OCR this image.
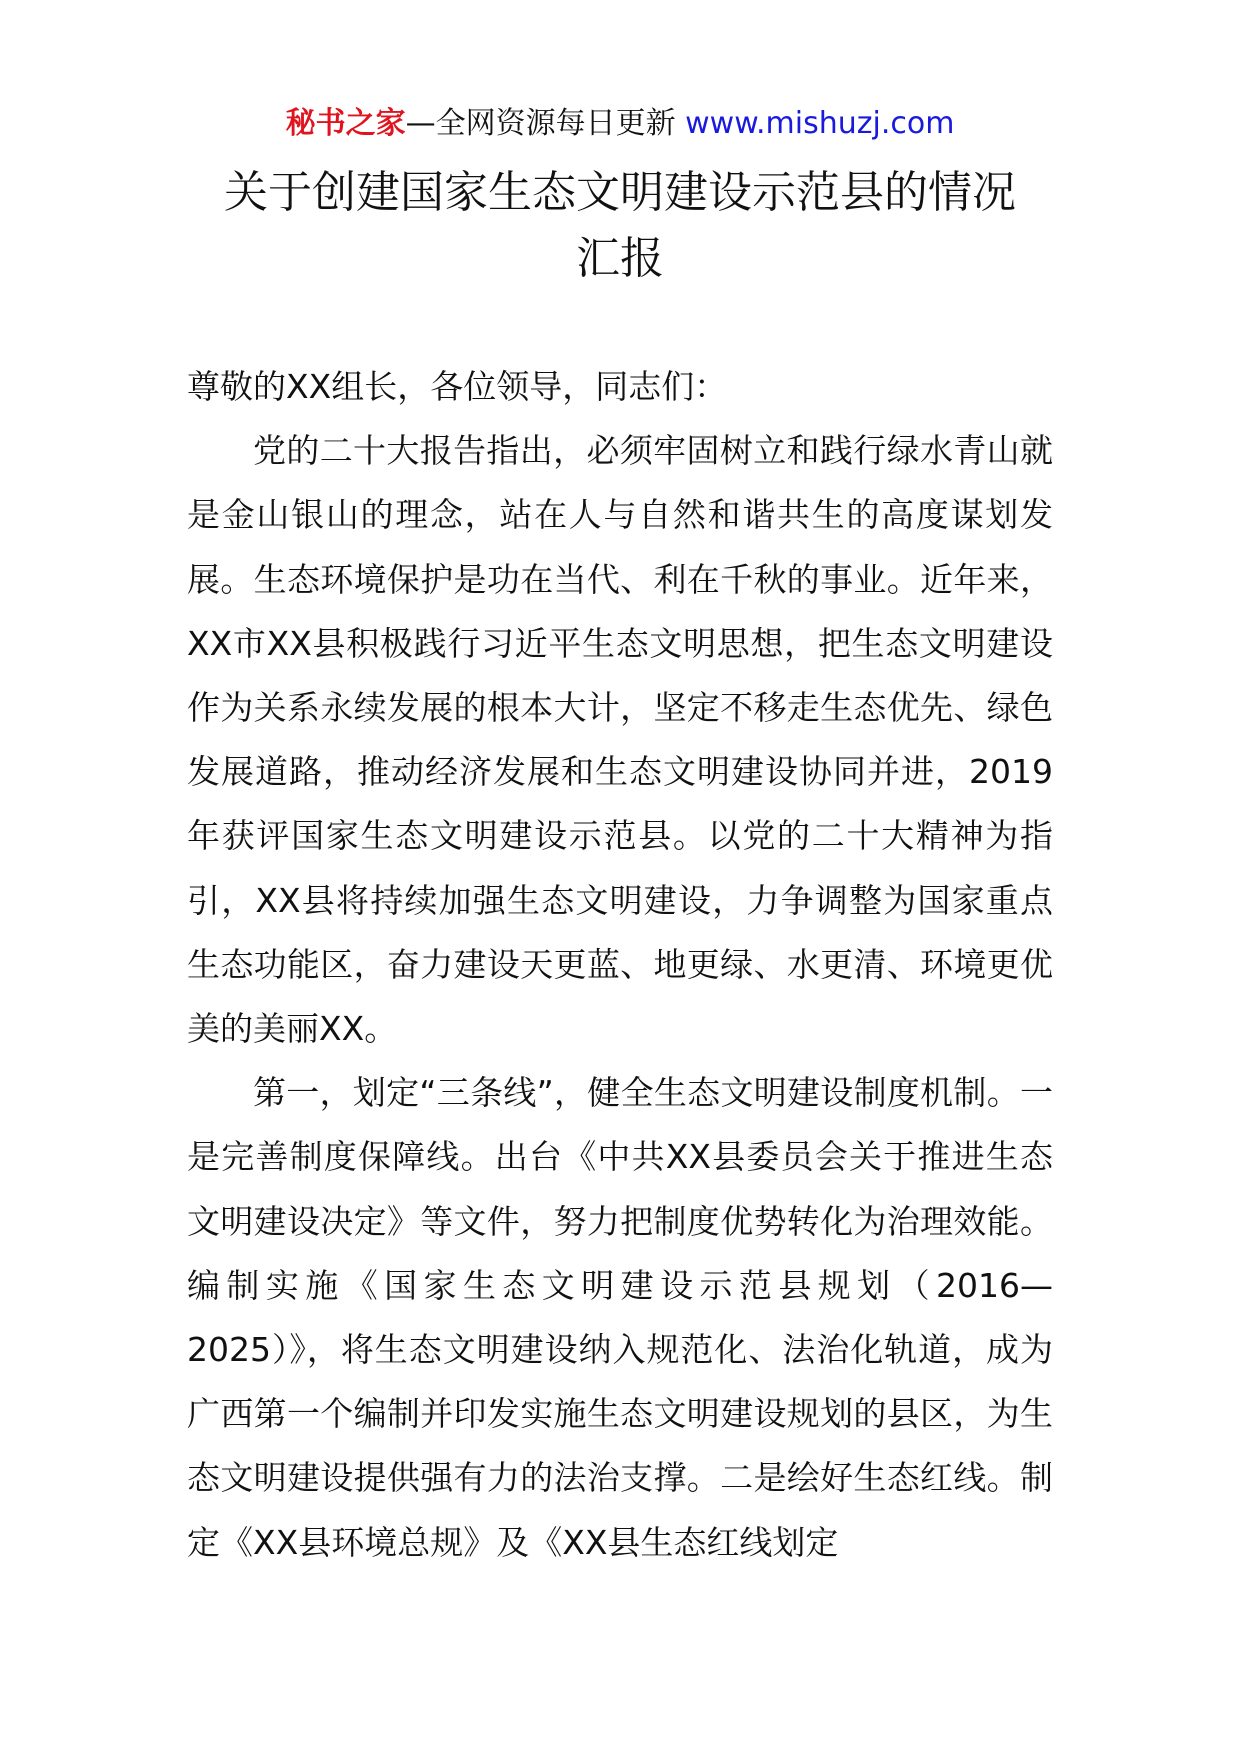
秘书之家—全网资源每日更新 www.mishuzj.com
关于创建国家生态文明建设示范县的情况
汇报

尊敬的XX组长，各位领导，同志们：

党的二十大报告指出，必须牢固树立和践行绿水青山就是金山银山的理念，站在人与自然和谐共生的高度谋划发展。生态环境保护是功在当代、利在千秋的事业。近年来，XX市XX县积极践行习近平生态文明思想，把生态文明建设作为关系永续发展的根本大计，坚定不移走生态优先、绿色发展道路，推动经济发展和生态文明建设协同并进，2019年获评国家生态文明建设示范县。以党的二十大精神为指引，XX县将持续加强生态文明建设，力争调整为国家重点生态功能区，奋力建设天更蓝、地更绿、水更清、环境更优美的美丽XX。

第一，划定“三条线”，健全生态文明建设制度机制。一是完善制度保障线。出台《中共XX县委员会关于推进生态文明建设决定》等文件，努力把制度优势转化为治理效能。编制实施《国家生态文明建设示范县规划（2016—2025）》，将生态文明建设纳入规范化、法治化轨道，成为广西第一个编制并印发实施生态文明建设规划的县区，为生态文明建设提供强有力的法治支撑。二是绘好生态红线。制定《XX县环境总规》及《XX县生态红线划定
